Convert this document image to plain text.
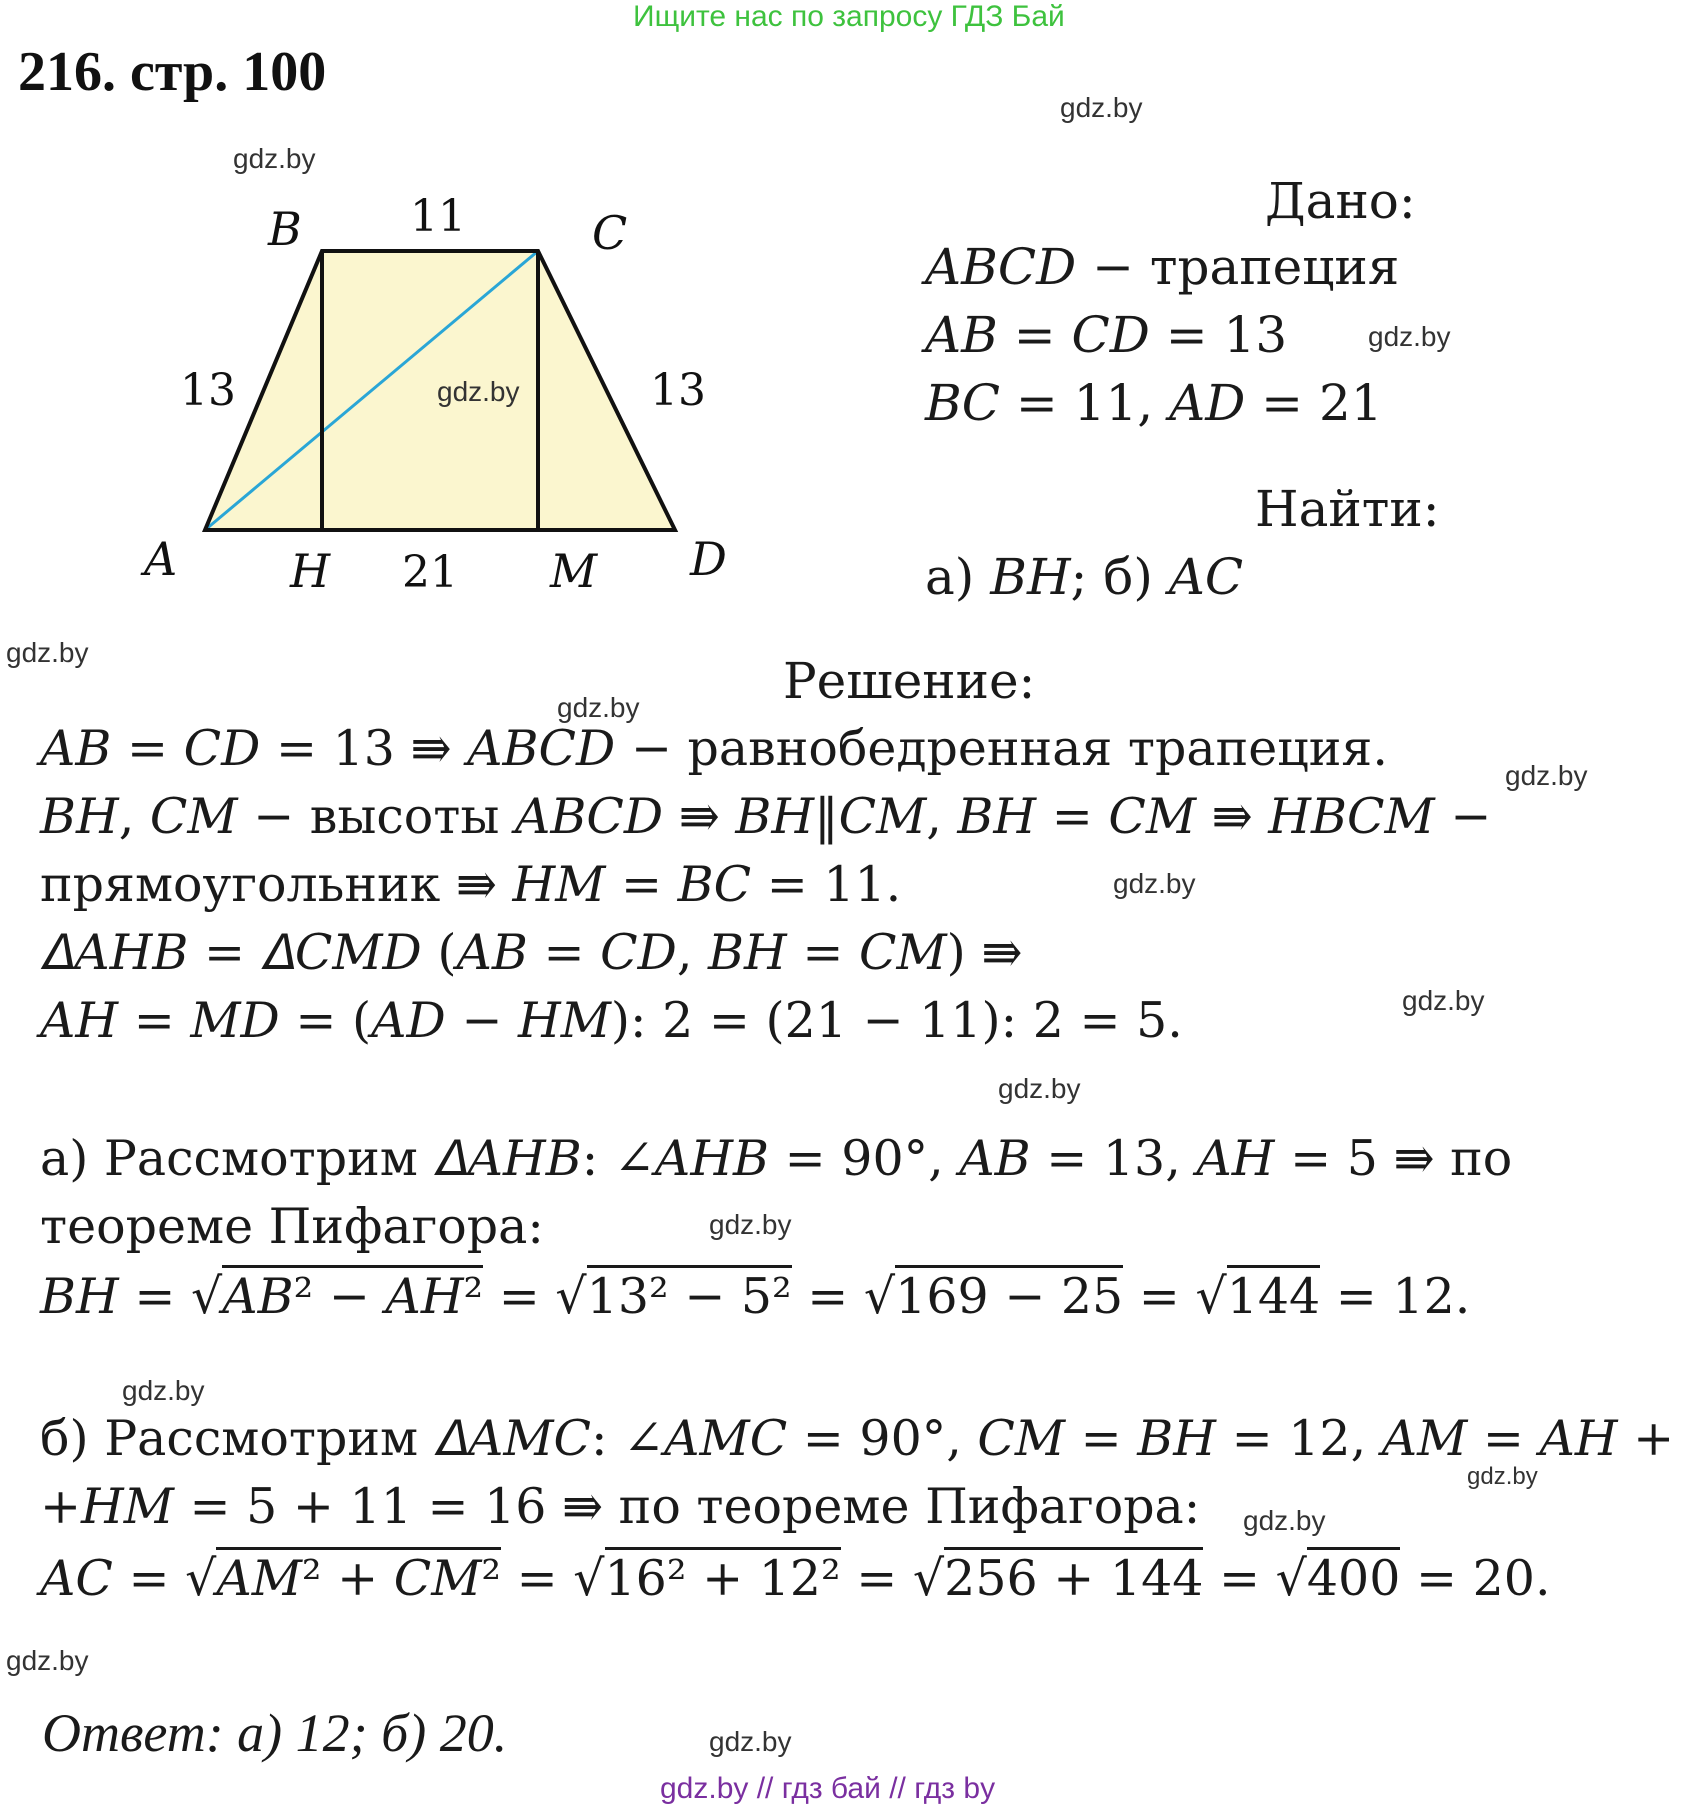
Ищите нас по запросу ГДЗ Бай
216. стр. 100
B	C
A	D
H	M
11
13	13
21
Дано:
𝐴𝐵𝐶𝐷 − трапеция
𝐴𝐵 = 𝐶𝐷 = 13
𝐵𝐶 = 11, 𝐴𝐷 = 21
Найти:
а) 𝐵𝐻; б) 𝐴𝐶
Решение:
𝐴𝐵 = 𝐶𝐷 = 13 ⇛ 𝐴𝐵𝐶𝐷 − равнобедренная трапеция.
𝐵𝐻, 𝐶𝑀 − высоты 𝐴𝐵𝐶𝐷 ⇛ 𝐵𝐻‖𝐶𝑀, 𝐵𝐻 = 𝐶𝑀 ⇛ 𝐻𝐵𝐶𝑀 −
прямоугольник ⇛ 𝐻𝑀 = 𝐵𝐶 = 11.
𝛥𝐴𝐻𝐵 = 𝛥𝐶𝑀𝐷 (𝐴𝐵 = 𝐶𝐷, 𝐵𝐻 = 𝐶𝑀) ⇛
𝐴𝐻 = 𝑀𝐷 = (𝐴𝐷 − 𝐻𝑀): 2 = (21 − 11): 2 = 5.
а) Рассмотрим 𝛥𝐴𝐻𝐵: ∠𝐴𝐻𝐵 = 90°, 𝐴𝐵 = 13, 𝐴𝐻 = 5 ⇛ по
теореме Пифагора:
𝐵𝐻 = √𝐴𝐵² − 𝐴𝐻² = √13² − 5² = √169 − 25 = √144 = 12.
б) Рассмотрим 𝛥𝐴𝑀𝐶: ∠𝐴𝑀𝐶 = 90°, 𝐶𝑀 = 𝐵𝐻 = 12, 𝐴𝑀 = 𝐴𝐻 +
+𝐻𝑀 = 5 + 11 = 16 ⇛ по теореме Пифагора:
𝐴𝐶 = √𝐴𝑀² + 𝐶𝑀² = √16² + 12² = √256 + 144 = √400 = 20.
Ответ: а) 12; б) 20.
gdz.by
gdz.by
gdz.by
gdz.by
gdz.by
gdz.by
gdz.by
gdz.by
gdz.by
gdz.by
gdz.by
gdz.by
gdz.by
gdz.by
gdz.by
gdz.by
gdz.by // гдз бай // гдз by
